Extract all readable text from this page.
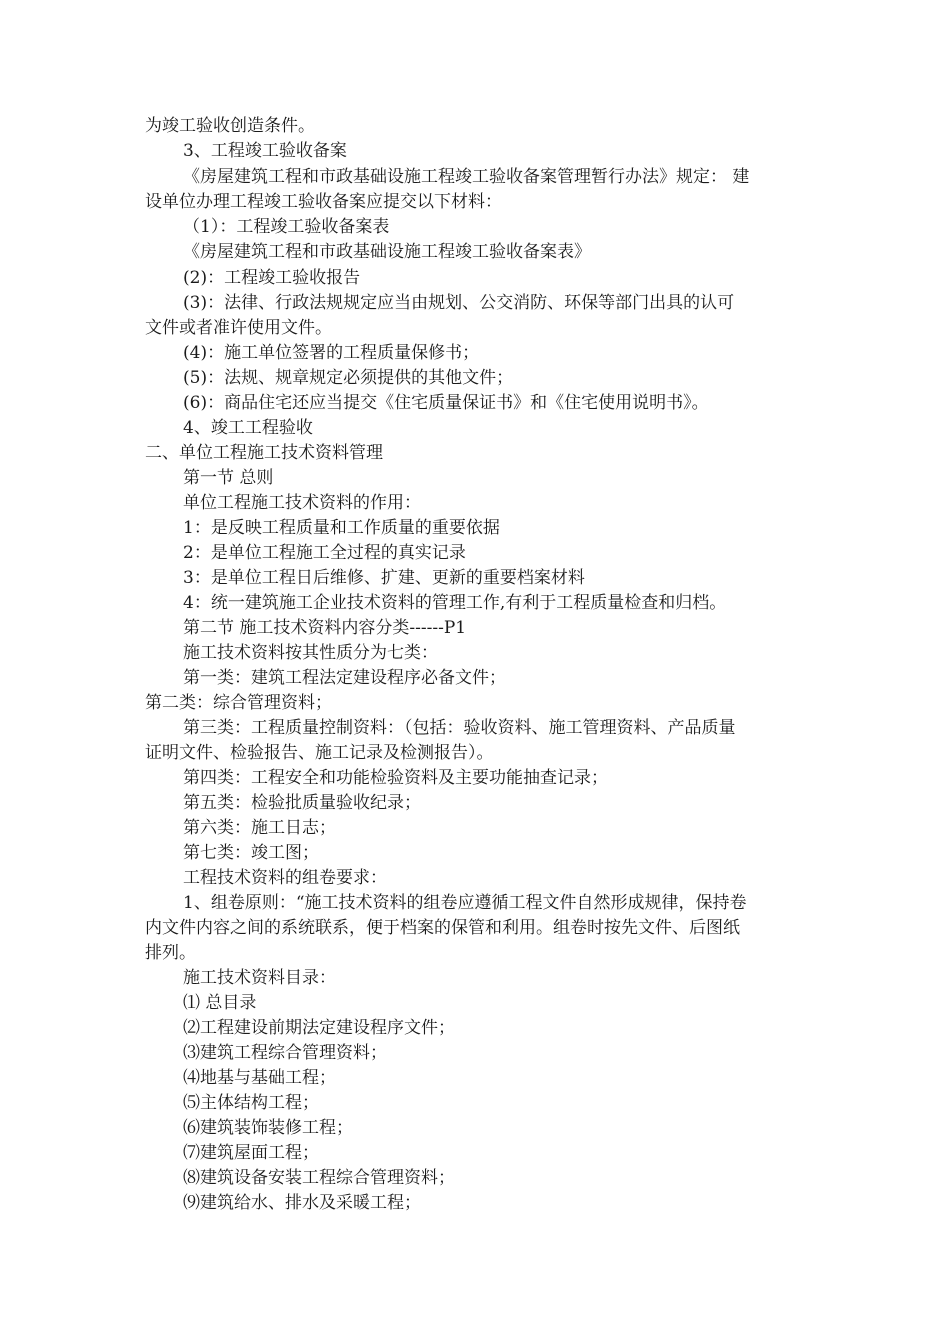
为竣工验收创造条件。
3、工程竣工验收备案
《房屋建筑工程和市政基础设施工程竣工验收备案管理暂行办法》规定： 建
设单位办理工程竣工验收备案应提交以下材料：
（1）：工程竣工验收备案表
《房屋建筑工程和市政基础设施工程竣工验收备案表》
(2)：工程竣工验收报告
(3)：法律、行政法规规定应当由规划、公交消防、环保等部门出具的认可
文件或者准许使用文件。
(4)：施工单位签署的工程质量保修书；
(5)：法规、规章规定必须提供的其他文件；
(6)：商品住宅还应当提交《住宅质量保证书》和《住宅使用说明书》。
4、竣工工程验收
二、单位工程施工技术资料管理
第一节 总则
单位工程施工技术资料的作用：
1：是反映工程质量和工作质量的重要依据
2：是单位工程施工全过程的真实记录
3：是单位工程日后维修、扩建、更新的重要档案材料
4：统一建筑施工企业技术资料的管理工作,有利于工程质量检查和归档。
第二节 施工技术资料内容分类------P1
施工技术资料按其性质分为七类：
第一类：建筑工程法定建设程序必备文件；
第二类：综合管理资料；
第三类：工程质量控制资料：（包括：验收资料、施工管理资料、产品质量
证明文件、检验报告、施工记录及检测报告）。
第四类：工程安全和功能检验资料及主要功能抽查记录；
第五类：检验批质量验收纪录；
第六类：施工日志；
第七类：竣工图；
工程技术资料的组卷要求：
1、组卷原则：“施工技术资料的组卷应遵循工程文件自然形成规律，保持卷
内文件内容之间的系统联系，便于档案的保管和利用。组卷时按先文件、后图纸
排列。
施工技术资料目录：
⑴ 总目录
⑵工程建设前期法定建设程序文件；
⑶建筑工程综合管理资料；
⑷地基与基础工程；
⑸主体结构工程；
⑹建筑装饰装修工程；
⑺建筑屋面工程；
⑻建筑设备安装工程综合管理资料；
⑼建筑给水、排水及采暖工程；
